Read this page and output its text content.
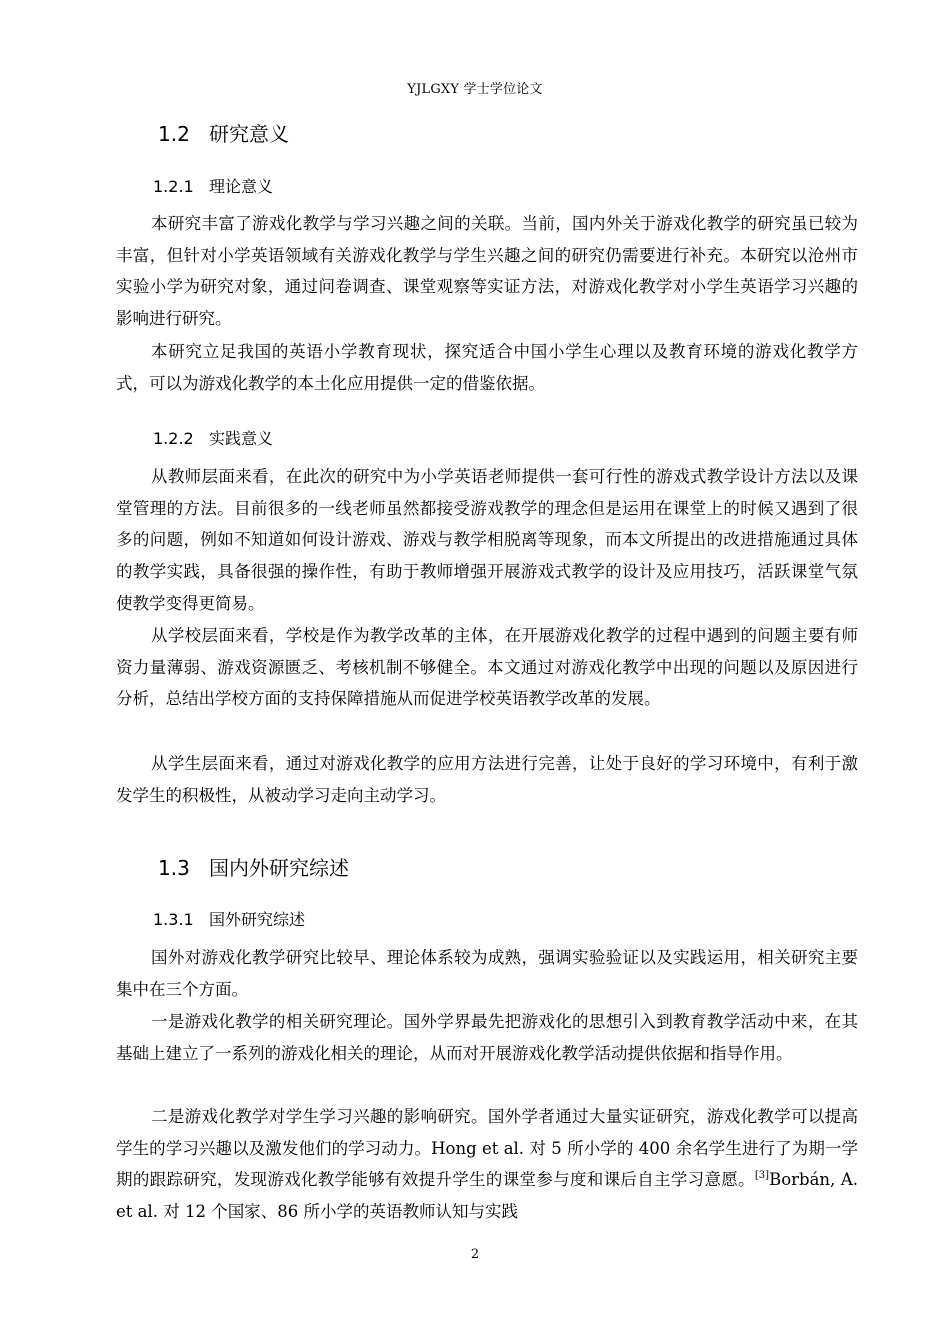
YJLGXY 学士学位论文
1.2 研究意义
1.2.1 理论意义

本研究丰富了游戏化教学与学习兴趣之间的关联。当前，国内外关于游戏化教学的研究虽已较为丰富，但针对小学英语领域有关游戏化教学与学生兴趣之间的研究仍需要进行补充。本研究以沧州市实验小学为研究对象，通过问卷调查、课堂观察等实证方法，对游戏化教学对小学生英语学习兴趣的影响进行研究。

本研究立足我国的英语小学教育现状，探究适合中国小学生心理以及教育环境的游戏化教学方式，可以为游戏化教学的本土化应用提供一定的借鉴依据。

1.2.2 实践意义

从教师层面来看，在此次的研究中为小学英语老师提供一套可行性的游戏式教学设计方法以及课堂管理的方法。目前很多的一线老师虽然都接受游戏教学的理念但是运用在课堂上的时候又遇到了很多的问题，例如不知道如何设计游戏、游戏与教学相脱离等现象，而本文所提出的改进措施通过具体的教学实践，具备很强的操作性，有助于教师增强开展游戏式教学的设计及应用技巧，活跃课堂气氛使教学变得更简易。

从学校层面来看，学校是作为教学改革的主体，在开展游戏化教学的过程中遇到的问题主要有师资力量薄弱、游戏资源匮乏、考核机制不够健全。本文通过对游戏化教学中出现的问题以及原因进行分析，总结出学校方面的支持保障措施从而促进学校英语教学改革的发展。

从学生层面来看，通过对游戏化教学的应用方法进行完善，让处于良好的学习环境中，有利于激发学生的积极性，从被动学习走向主动学习。

1.3 国内外研究综述
1.3.1 国外研究综述

国外对游戏化教学研究比较早、理论体系较为成熟，强调实验验证以及实践运用，相关研究主要集中在三个方面。

一是游戏化教学的相关研究理论。国外学界最先把游戏化的思想引入到教育教学活动中来，在其基础上建立了一系列的游戏化相关的理论，从而对开展游戏化教学活动提供依据和指导作用。

二是游戏化教学对学生学习兴趣的影响研究。国外学者通过大量实证研究，游戏化教学可以提高学生的学习兴趣以及激发他们的学习动力。Hong et al. 对 5 所小学的 400 余名学生进行了为期一学期的跟踪研究，发现游戏化教学能够有效提升学生的课堂参与度和课后自主学习意愿。[3]Borbán, A. et al. 对 12 个国家、86 所小学的英语教师认知与实践

2
